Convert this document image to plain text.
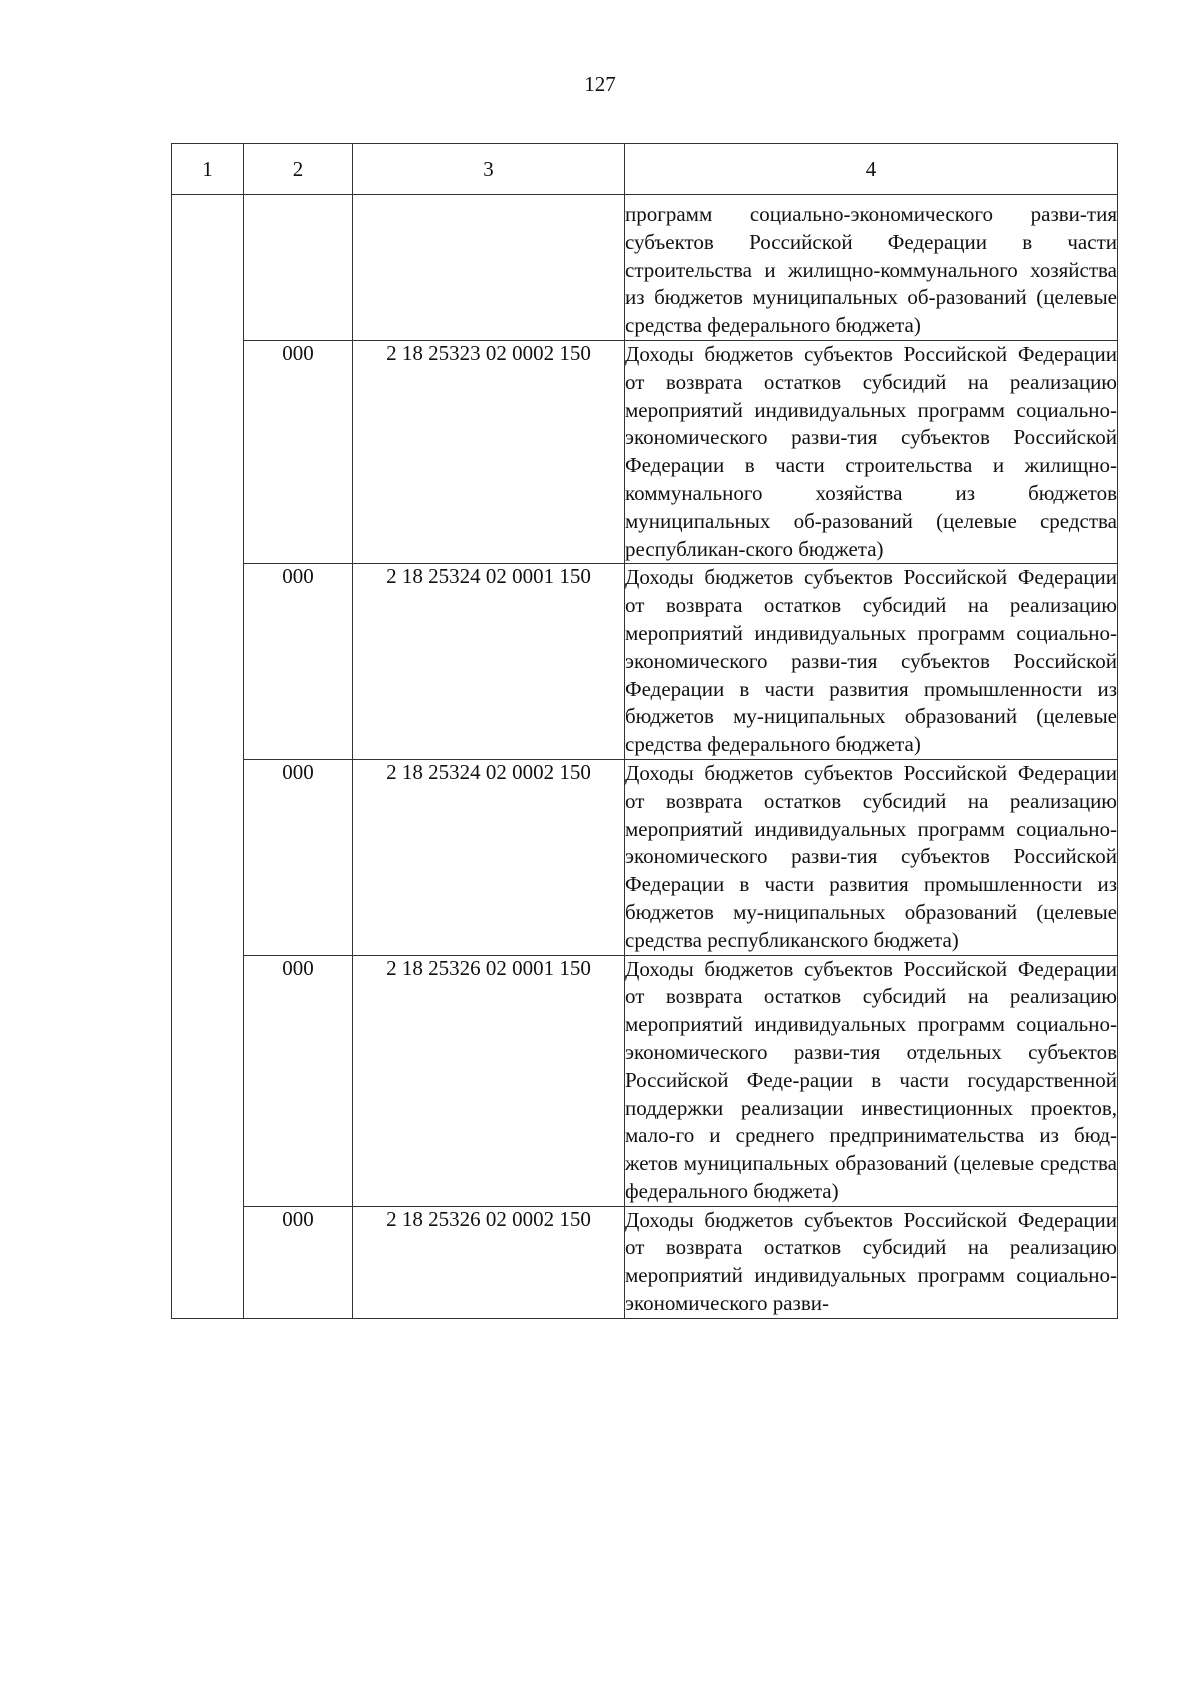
127
1	2	3	4

			программ социально-экономического разви-тия субъектов Российской Федерации в части строительства и жилищно-коммунального хозяйства из бюджетов муниципальных об-разований (целевые средства федерального бюджета)

	000	2 18 25323 02 0002 150	Доходы бюджетов субъектов Российской Федерации от возврата остатков субсидий на реализацию мероприятий индивидуальных программ социально-экономического разви-тия субъектов Российской Федерации в части строительства и жилищно-коммунального хозяйства из бюджетов муниципальных об-разований (целевые средства республикан-ского бюджета)

	000	2 18 25324 02 0001 150	Доходы бюджетов субъектов Российской Федерации от возврата остатков субсидий на реализацию мероприятий индивидуальных программ социально-экономического разви-тия субъектов Российской Федерации в части развития промышленности из бюджетов му-ниципальных образований (целевые средства федерального бюджета)

	000	2 18 25324 02 0002 150	Доходы бюджетов субъектов Российской Федерации от возврата остатков субсидий на реализацию мероприятий индивидуальных программ социально-экономического разви-тия субъектов Российской Федерации в части развития промышленности из бюджетов му-ниципальных образований (целевые средства республиканского бюджета)

	000	2 18 25326 02 0001 150	Доходы бюджетов субъектов Российской Федерации от возврата остатков субсидий на реализацию мероприятий индивидуальных программ социально-экономического разви-тия отдельных субъектов Российской Феде-рации в части государственной поддержки реализации инвестиционных проектов, мало-го и среднего предпринимательства из бюд-жетов муниципальных образований (целевые средства федерального бюджета)

	000	2 18 25326 02 0002 150	Доходы бюджетов субъектов Российской Федерации от возврата остатков субсидий на реализацию мероприятий индивидуальных программ социально-экономического разви-
